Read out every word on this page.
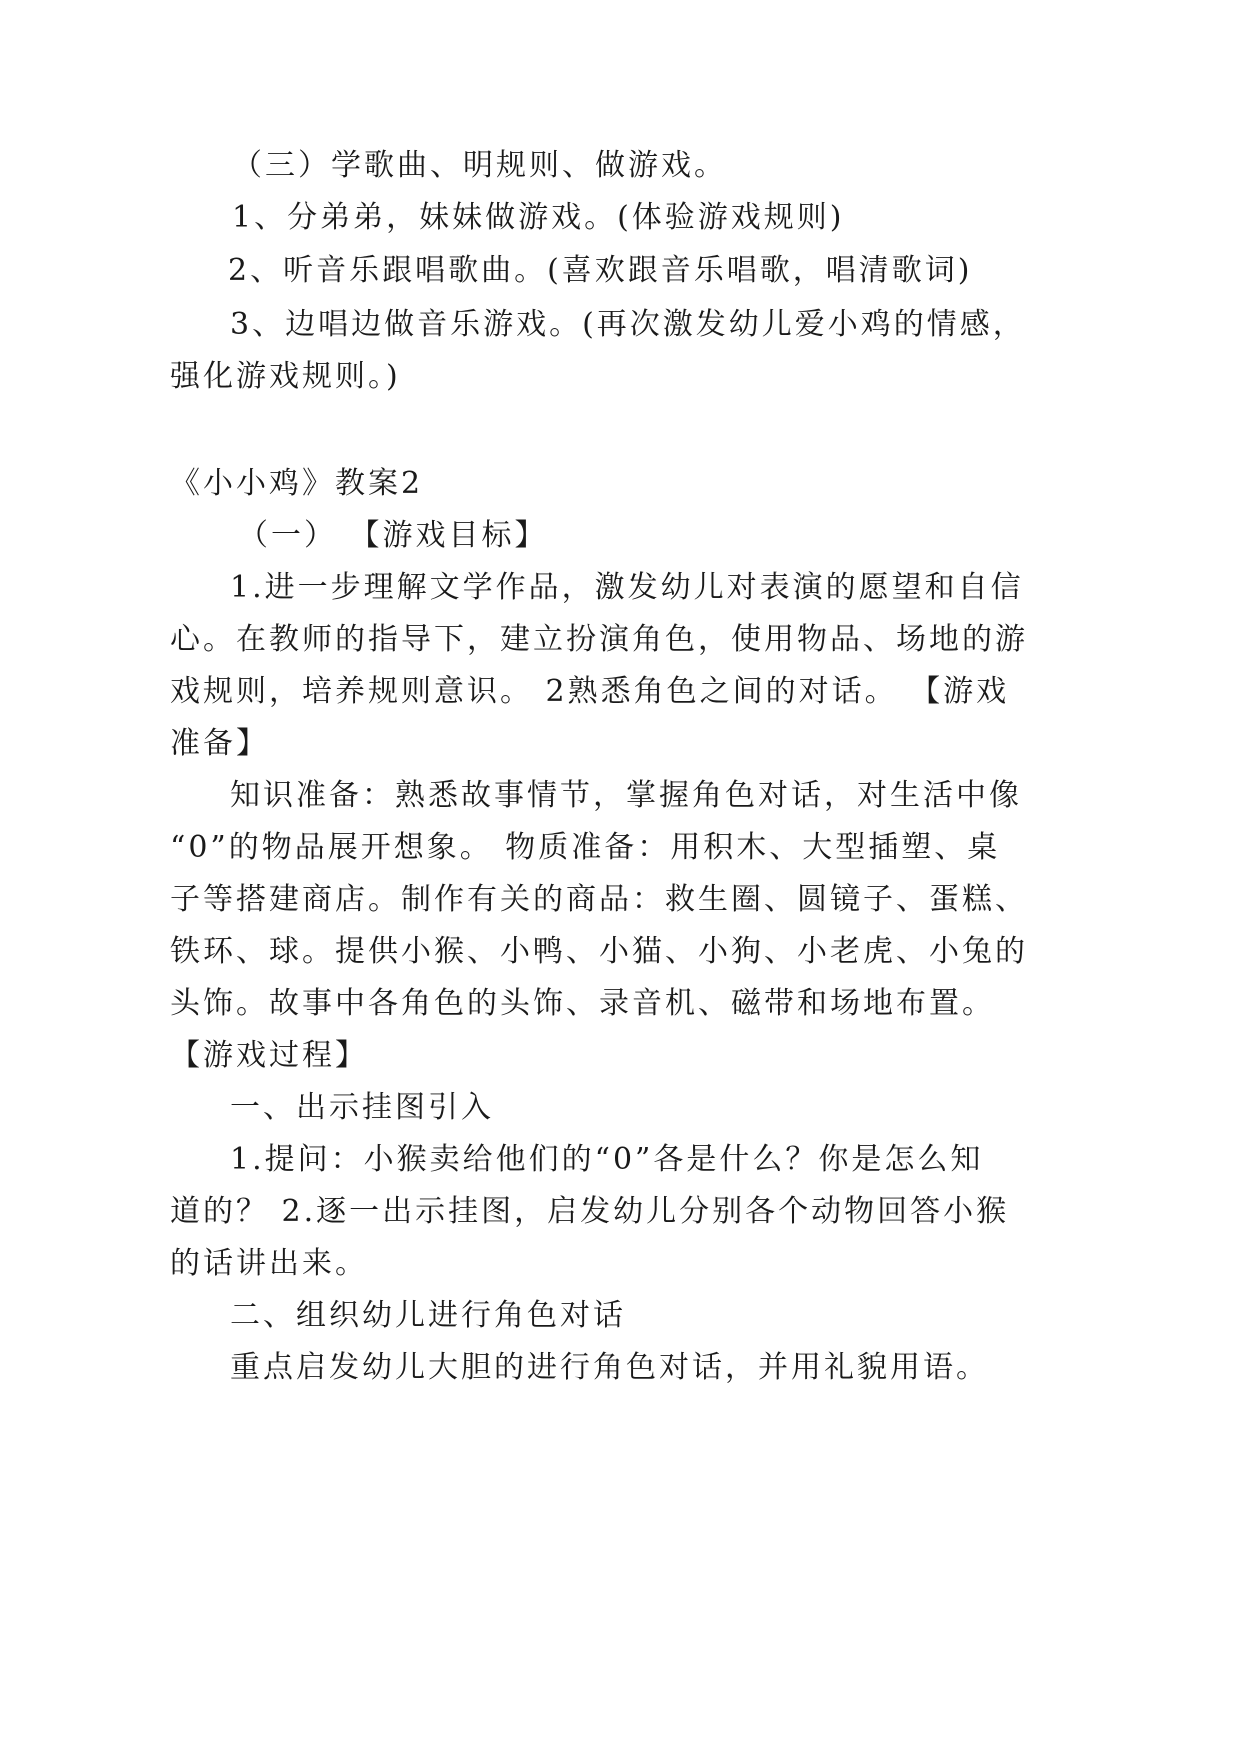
（三）学歌曲、明规则、做游戏。
1、分弟弟，妹妹做游戏。(体验游戏规则)
2、听音乐跟唱歌曲。(喜欢跟音乐唱歌，唱清歌词)
3、边唱边做音乐游戏。(再次激发幼儿爱小鸡的情感，
强化游戏规则。)
《小小鸡》教案2
（一） 【游戏目标】
1.进一步理解文学作品，激发幼儿对表演的愿望和自信
心。在教师的指导下，建立扮演角色，使用物品、场地的游
戏规则，培养规则意识。 2熟悉角色之间的对话。 【游戏
准备】
知识准备：熟悉故事情节，掌握角色对话，对生活中像
“0”的物品展开想象。 物质准备：用积木、大型插塑、桌
子等搭建商店。制作有关的商品：救生圈、圆镜子、蛋糕、
铁环、球。提供小猴、小鸭、小猫、小狗、小老虎、小兔的
头饰。故事中各角色的头饰、录音机、磁带和场地布置。
【游戏过程】
一、出示挂图引入
1.提问：小猴卖给他们的“0”各是什么？你是怎么知
道的？ 2.逐一出示挂图，启发幼儿分别各个动物回答小猴
的话讲出来。
二、组织幼儿进行角色对话
重点启发幼儿大胆的进行角色对话，并用礼貌用语。
